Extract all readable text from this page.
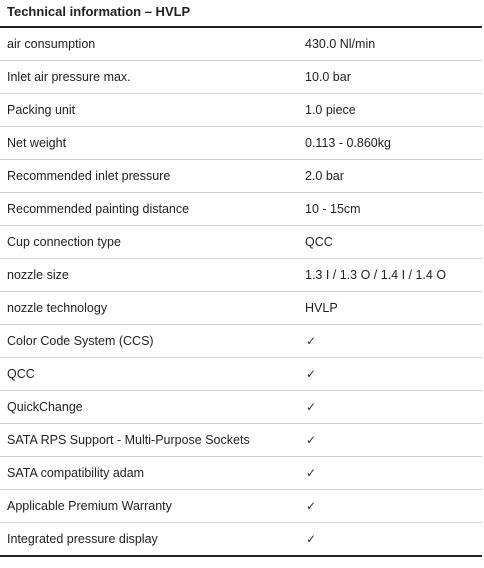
Technical information – HVLP
air consumption	430.0 Nl/min
Inlet air pressure max.	10.0 bar
Packing unit	1.0 piece
Net weight	0.113 - 0.860kg
Recommended inlet pressure	2.0 bar
Recommended painting distance	10 - 15cm
Cup connection type	QCC
nozzle size	1.3 I / 1.3 O / 1.4 I / 1.4 O
nozzle technology	HVLP
Color Code System (CCS)	✓
QCC	✓
QuickChange	✓
SATA RPS Support - Multi-Purpose Sockets	✓
SATA compatibility adam	✓
Applicable Premium Warranty	✓
Integrated pressure display	✓
